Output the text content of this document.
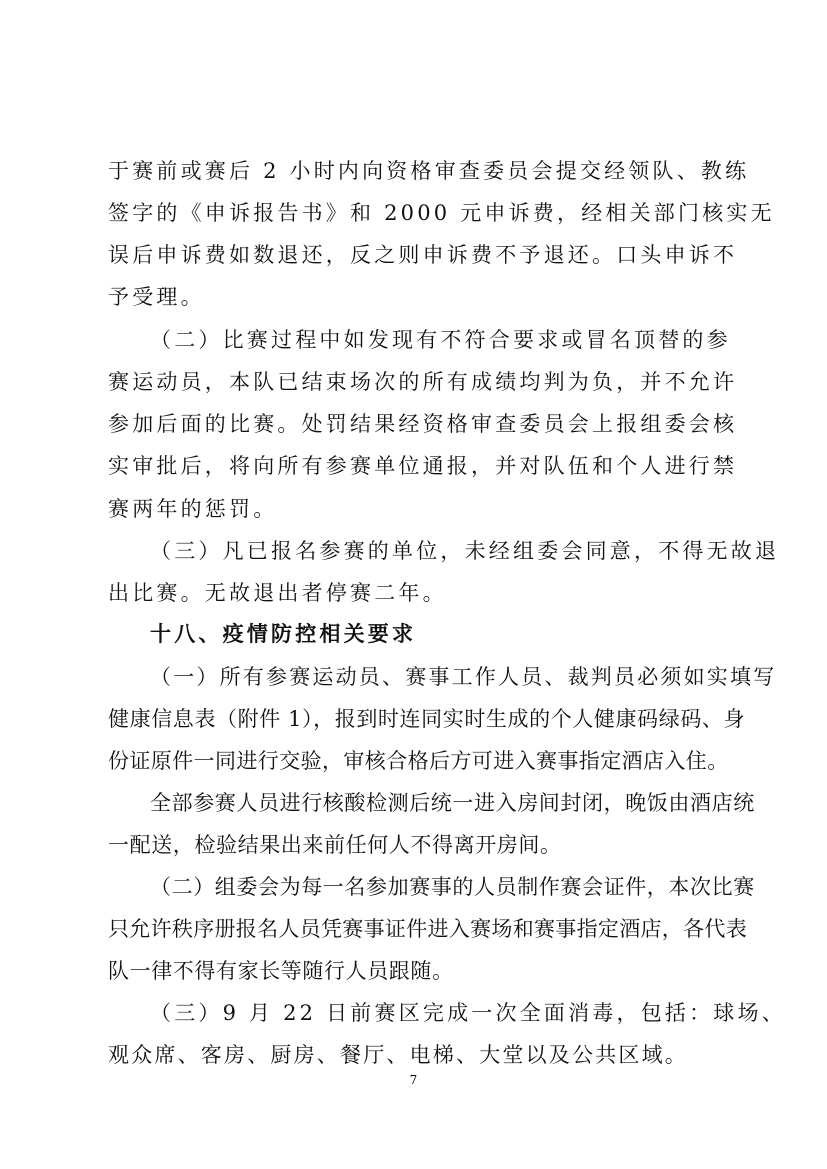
于赛前或赛后 2 小时内向资格审查委员会提交经领队、教练
签字的《申诉报告书》和 2000 元申诉费，经相关部门核实无
误后申诉费如数退还，反之则申诉费不予退还。口头申诉不
予受理。
（二）比赛过程中如发现有不符合要求或冒名顶替的参
赛运动员，本队已结束场次的所有成绩均判为负，并不允许
参加后面的比赛。处罚结果经资格审查委员会上报组委会核
实审批后，将向所有参赛单位通报，并对队伍和个人进行禁
赛两年的惩罚。
（三）凡已报名参赛的单位，未经组委会同意，不得无故退
出比赛。无故退出者停赛二年。
十八、疫情防控相关要求
（一）所有参赛运动员、赛事工作人员、裁判员必须如实填写
健康信息表（附件 1），报到时连同实时生成的个人健康码绿码、身
份证原件一同进行交验，审核合格后方可进入赛事指定酒店入住。
全部参赛人员进行核酸检测后统一进入房间封闭，晚饭由酒店统
一配送，检验结果出来前任何人不得离开房间。
（二）组委会为每一名参加赛事的人员制作赛会证件，本次比赛
只允许秩序册报名人员凭赛事证件进入赛场和赛事指定酒店，各代表
队一律不得有家长等随行人员跟随。
（三）9 月 22 日前赛区完成一次全面消毒，包括：球场、
观众席、客房、厨房、餐厅、电梯、大堂以及公共区域。
7
